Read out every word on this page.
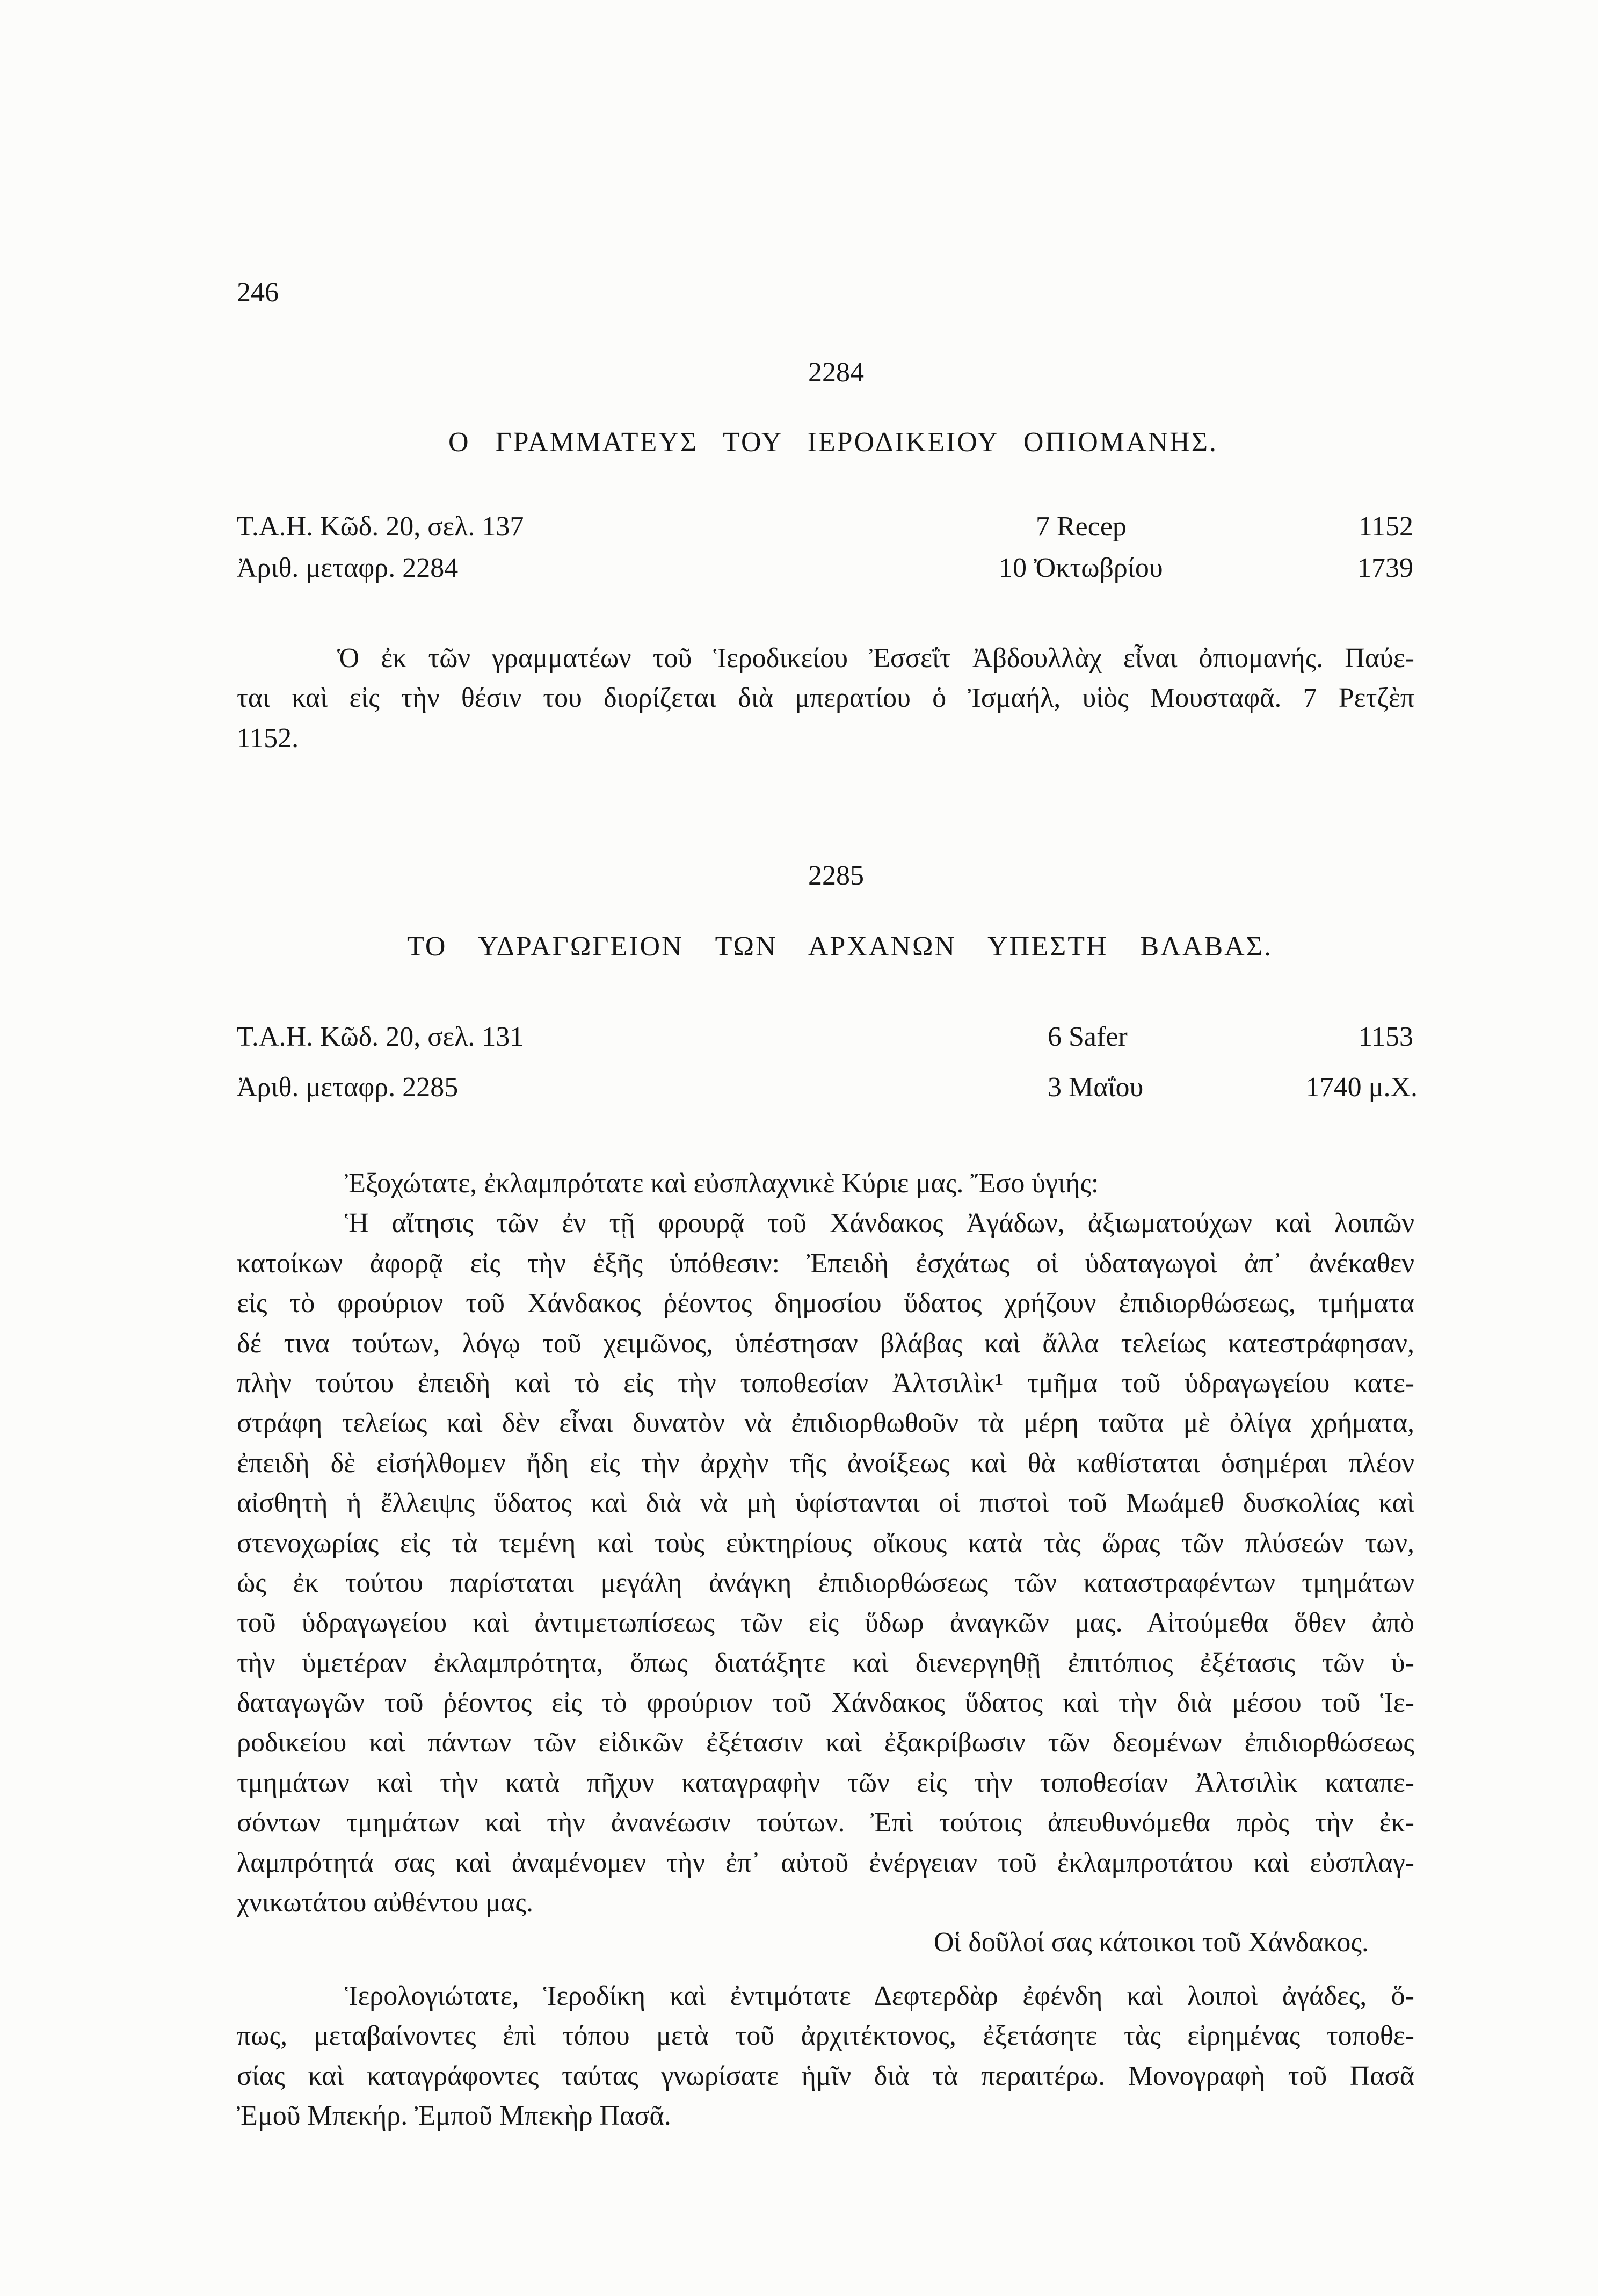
246
2284
Ο ΓΡΑΜΜΑΤΕΥΣ ΤΟΥ ΙΕΡΟΔΙΚΕΙΟΥ ΟΠΙΟΜΑΝΗΣ.
Τ.Α.Η. Κῶδ. 20, σελ. 137	7 Recep	1152
Ἀριθ. μεταφρ. 2284	10 Ὀκτωβρίου	1739
Ὁ ἐκ τῶν γραμματέων τοῦ Ἱεροδικείου Ἐσσεΐτ Ἀβδουλλὰχ εἶναι ὀπιομανής. Παύε-
ται καὶ εἰς τὴν θέσιν του διορίζεται διὰ μπερατίου ὁ Ἰσμαήλ, υἱὸς Μουσταφᾶ. 7 Ρετζὲπ
1152.
2285
ΤΟ ΥΔΡΑΓΩΓΕΙΟΝ ΤΩΝ ΑΡΧΑΝΩΝ ΥΠΕΣΤΗ ΒΛΑΒΑΣ.
Τ.Α.Η. Κῶδ. 20, σελ. 131	6 Safer	1153
Ἀριθ. μεταφρ. 2285	3 Μαΐου	1740 μ.Χ.
Ἐξοχώτατε, ἐκλαμπρότατε καὶ εὐσπλαχνικὲ Κύριε μας. Ἔσο ὑγιής:
Ἡ αἴτησις τῶν ἐν τῇ φρουρᾷ τοῦ Χάνδακος Ἀγάδων, ἀξιωματούχων καὶ λοιπῶν
κατοίκων ἀφορᾷ εἰς τὴν ἑξῆς ὑπόθεσιν: Ἐπειδὴ ἐσχάτως οἱ ὑδαταγωγοὶ ἀπ᾽ ἀνέκαθεν
εἰς τὸ φρούριον τοῦ Χάνδακος ῥέοντος δημοσίου ὕδατος χρήζουν ἐπιδιορθώσεως, τμήματα
δέ τινα τούτων, λόγῳ τοῦ χειμῶνος, ὑπέστησαν βλάβας καὶ ἄλλα τελείως κατεστράφησαν,
πλὴν τούτου ἐπειδὴ καὶ τὸ εἰς τὴν τοποθεσίαν Ἀλτσιλὶκ¹ τμῆμα τοῦ ὑδραγωγείου κατε-
στράφη τελείως καὶ δὲν εἶναι δυνατὸν νὰ ἐπιδιορθωθοῦν τὰ μέρη ταῦτα μὲ ὀλίγα χρήματα,
ἐπειδὴ δὲ εἰσήλθομεν ἤδη εἰς τὴν ἀρχὴν τῆς ἀνοίξεως καὶ θὰ καθίσταται ὁσημέραι πλέον
αἰσθητὴ ἡ ἔλλειψις ὕδατος καὶ διὰ νὰ μὴ ὑφίστανται οἱ πιστοὶ τοῦ Μωάμεθ δυσκολίας καὶ
στενοχωρίας εἰς τὰ τεμένη καὶ τοὺς εὐκτηρίους οἴκους κατὰ τὰς ὥρας τῶν πλύσεών των,
ὡς ἐκ τούτου παρίσταται μεγάλη ἀνάγκη ἐπιδιορθώσεως τῶν καταστραφέντων τμημάτων
τοῦ ὑδραγωγείου καὶ ἀντιμετωπίσεως τῶν εἰς ὕδωρ ἀναγκῶν μας. Αἰτούμεθα ὅθεν ἀπὸ
τὴν ὑμετέραν ἐκλαμπρότητα, ὅπως διατάξητε καὶ διενεργηθῇ ἐπιτόπιος ἐξέτασις τῶν ὑ-
δαταγωγῶν τοῦ ῥέοντος εἰς τὸ φρούριον τοῦ Χάνδακος ὕδατος καὶ τὴν διὰ μέσου τοῦ Ἱε-
ροδικείου καὶ πάντων τῶν εἰδικῶν ἐξέτασιν καὶ ἐξακρίβωσιν τῶν δεομένων ἐπιδιορθώσεως
τμημάτων καὶ τὴν κατὰ πῆχυν καταγραφὴν τῶν εἰς τὴν τοποθεσίαν Ἀλτσιλὶκ καταπε-
σόντων τμημάτων καὶ τὴν ἀνανέωσιν τούτων. Ἐπὶ τούτοις ἀπευθυνόμεθα πρὸς τὴν ἐκ-
λαμπρότητά σας καὶ ἀναμένομεν τὴν ἐπ᾽ αὐτοῦ ἐνέργειαν τοῦ ἐκλαμπροτάτου καὶ εὐσπλαγ-
χνικωτάτου αὐθέντου μας.
Οἱ δοῦλοί σας κάτοικοι τοῦ Χάνδακος.
Ἱερολογιώτατε, Ἱεροδίκη καὶ ἐντιμότατε Δεφτερδὰρ ἐφένδη καὶ λοιποὶ ἀγάδες, ὅ-
πως, μεταβαίνοντες ἐπὶ τόπου μετὰ τοῦ ἀρχιτέκτονος, ἐξετάσητε τὰς εἰρημένας τοποθε-
σίας καὶ καταγράφοντες ταύτας γνωρίσατε ἡμῖν διὰ τὰ περαιτέρω. Μονογραφὴ τοῦ Πασᾶ
Ἐμοῦ Μπεκήρ. Ἐμποῦ Μπεκὴρ Πασᾶ.
